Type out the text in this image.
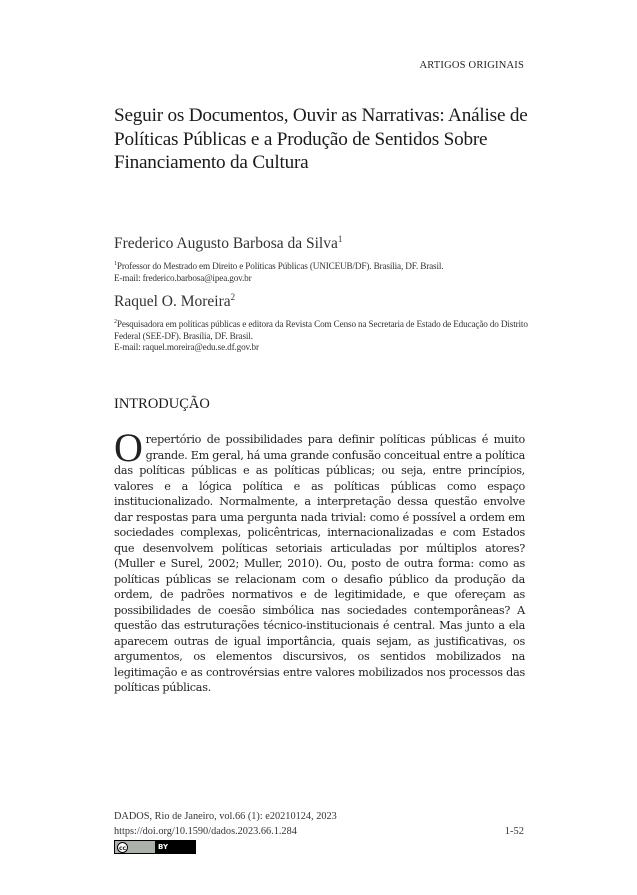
ARTIGOS ORIGINAIS
Seguir os Documentos, Ouvir as Narrativas: Análise de Políticas Públicas e a Produção de Sentidos Sobre Financiamento da Cultura
Frederico Augusto Barbosa da Silva$^1$
$^1$Professor do Mestrado em Direito e Políticas Públicas (UNICEUB/DF). Brasília, DF. Brasil.
E-mail: frederico.barbosa@ipea.gov.br
Raquel O. Moreira$^2$
$^2$Pesquisadora em políticas públicas e editora da Revista Com Censo na Secretaria de Estado de Educação do Distrito Federal (SEE-DF). Brasília, DF. Brasil.
E-mail: raquel.moreira@edu.se.df.gov.br
INTRODUÇÃO

O repertório de possibilidades para definir políticas públicas é muito grande. Em geral, há uma grande confusão conceitual entre a política das políticas públicas e as políticas públicas; ou seja, entre princípios, valores e a lógica política e as políticas públicas como espaço institucionalizado. Normalmente, a interpretação dessa questão envolve dar respostas para uma pergunta nada trivial: como é possível a ordem em sociedades complexas, policêntricas, internacionalizadas e com Estados que desenvolvem políticas setoriais articuladas por múltiplos atores? (Muller e Surel, 2002; Muller, 2010). Ou, posto de outra forma: como as políticas públicas se relacionam com o desafio público da produção da ordem, de padrões normativos e de legitimidade, e que ofereçam as possibilidades de coesão simbólica nas sociedades contemporâneas? A questão das estruturações técnico-institucionais é central. Mas junto a ela aparecem outras de igual importância, quais sejam, as justificativas, os argumentos, os elementos discursivos, os sentidos mobilizados na legitimação e as controvérsias entre valores mobilizados nos processos das políticas públicas.

DADOS, Rio de Janeiro, vol.66 (1): e20210124, 2023
https://doi.org/10.1590/dados.2023.66.1.284	1-52
cc	BY
